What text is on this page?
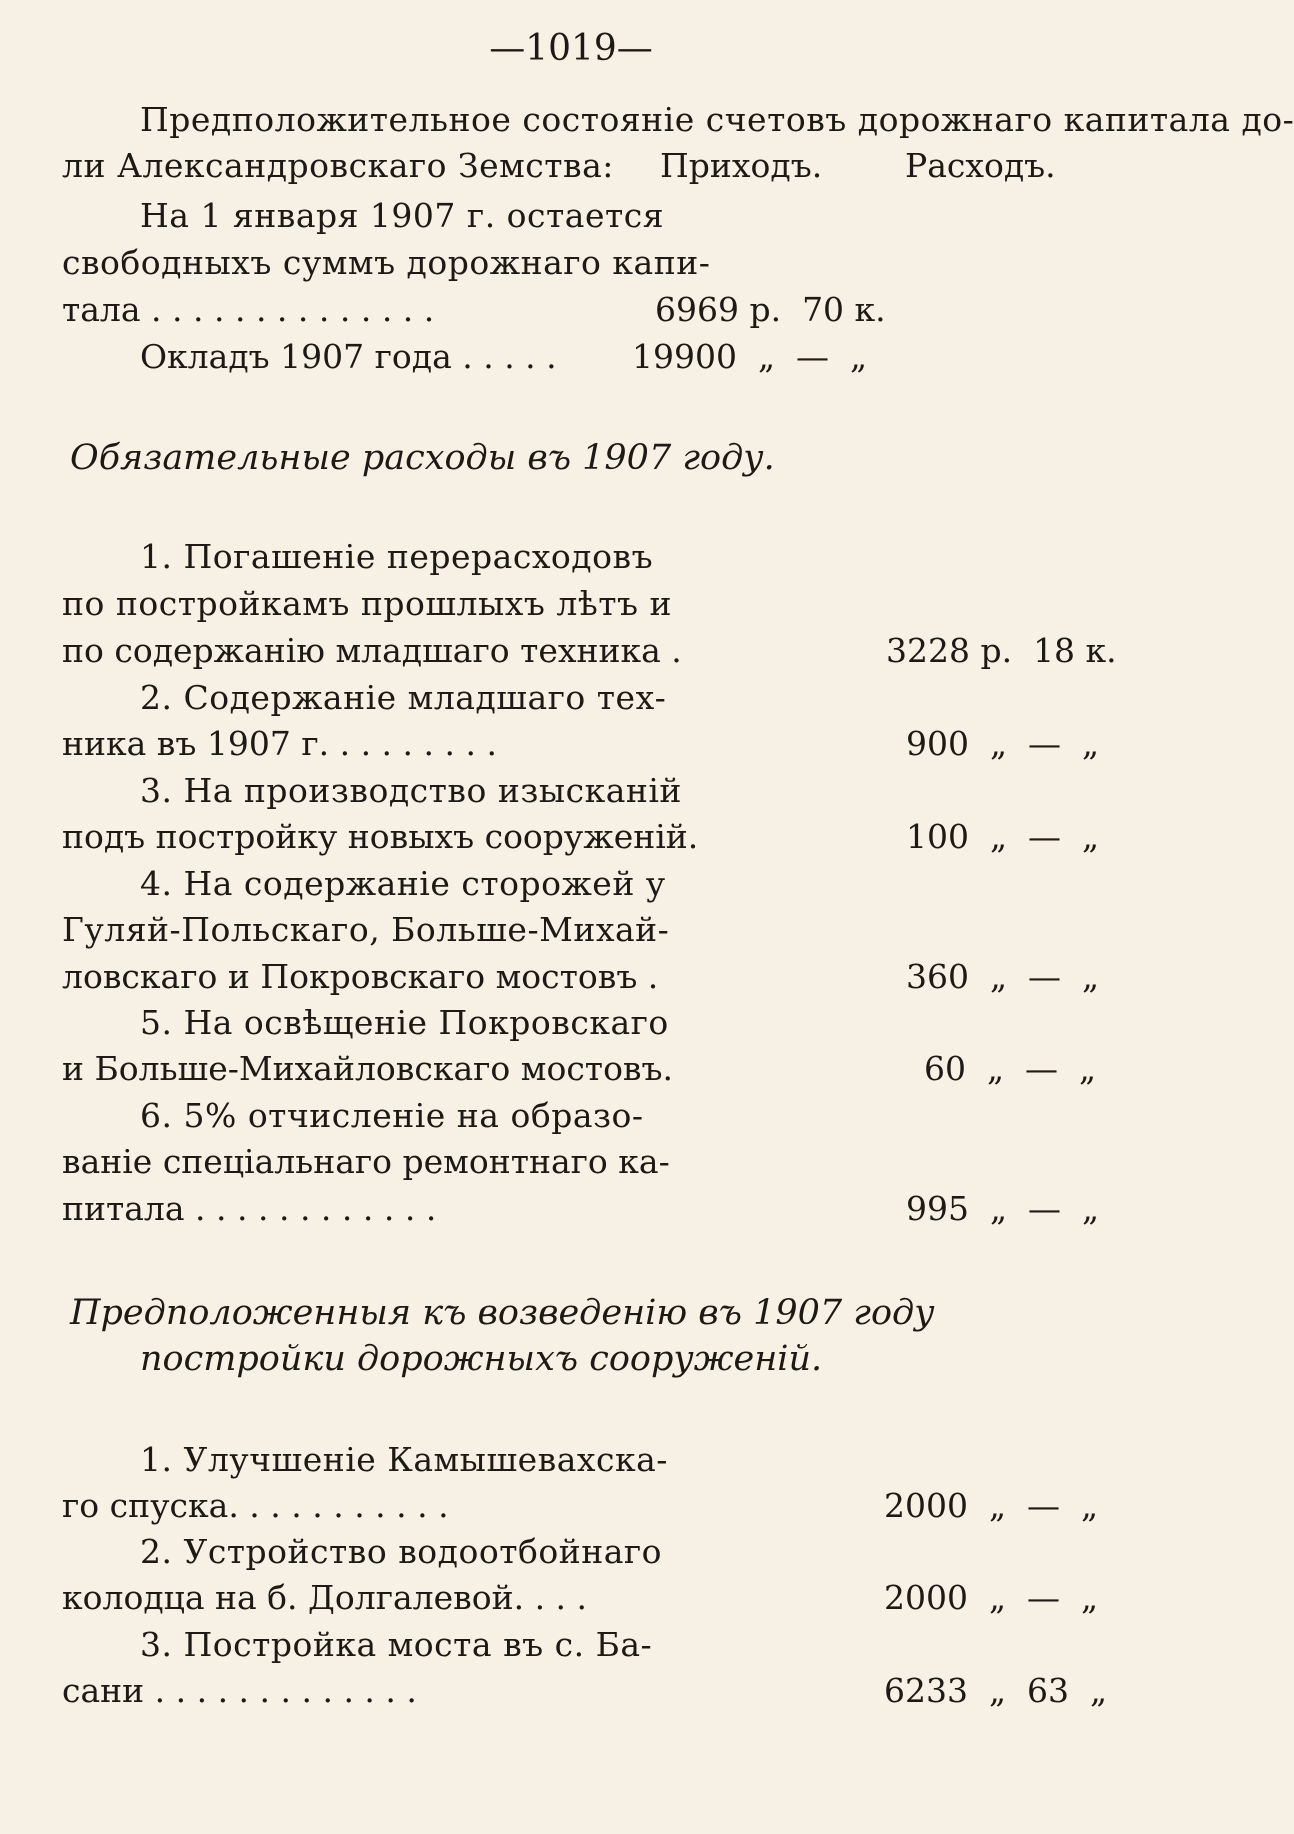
—1019—
Предположительное состояніе счетовъ дорожнаго капитала до-
ли Александровскаго Земства: Приходъ.	Расходъ.
На 1 января 1907 г. остается
свободныхъ суммъ дорожнаго капи-
тала . . . . . . . . . . . . . .	6969 р.  70 к.
Окладъ 1907 года . . . . . 19900  „  —  „
Обязательные расходы въ 1907 году.
1. Погашеніе перерасходовъ
по постройкамъ прошлыхъ лѣтъ и
по содержанію младшаго техника .	3228 р.  18 к.
2. Содержаніе младшаго тех-
ника въ 1907 г. . . . . . . . .	900  „  —  „
3. На производство изысканій
подъ постройку новыхъ сооруженій.	100  „  —  „
4. На содержаніе сторожей у
Гуляй-Польскаго, Больше-Михай-
ловскаго и Покровскаго мостовъ .	360  „  —  „
5. На освѣщеніе Покровскаго
и Больше-Михайловскаго мостовъ.	60  „  —  „
6. 5% отчисленіе на образо-
ваніе спеціальнаго ремонтнаго ка-
питала . . . . . . . . . . . .	995  „  —  „
Предположенныя къ возведенію въ 1907 году
постройки дорожныхъ сооруженій.
1. Улучшеніе Камышевахска-
го спуска. . . . . . . . . . .	2000  „  —  „
2. Устройство водоотбойнаго
колодца на б. Долгалевой. . . .	2000  „  —  „
3. Постройка моста въ с. Ба-
сани . . . . . . . . . . . . .	6233  „  63  „
